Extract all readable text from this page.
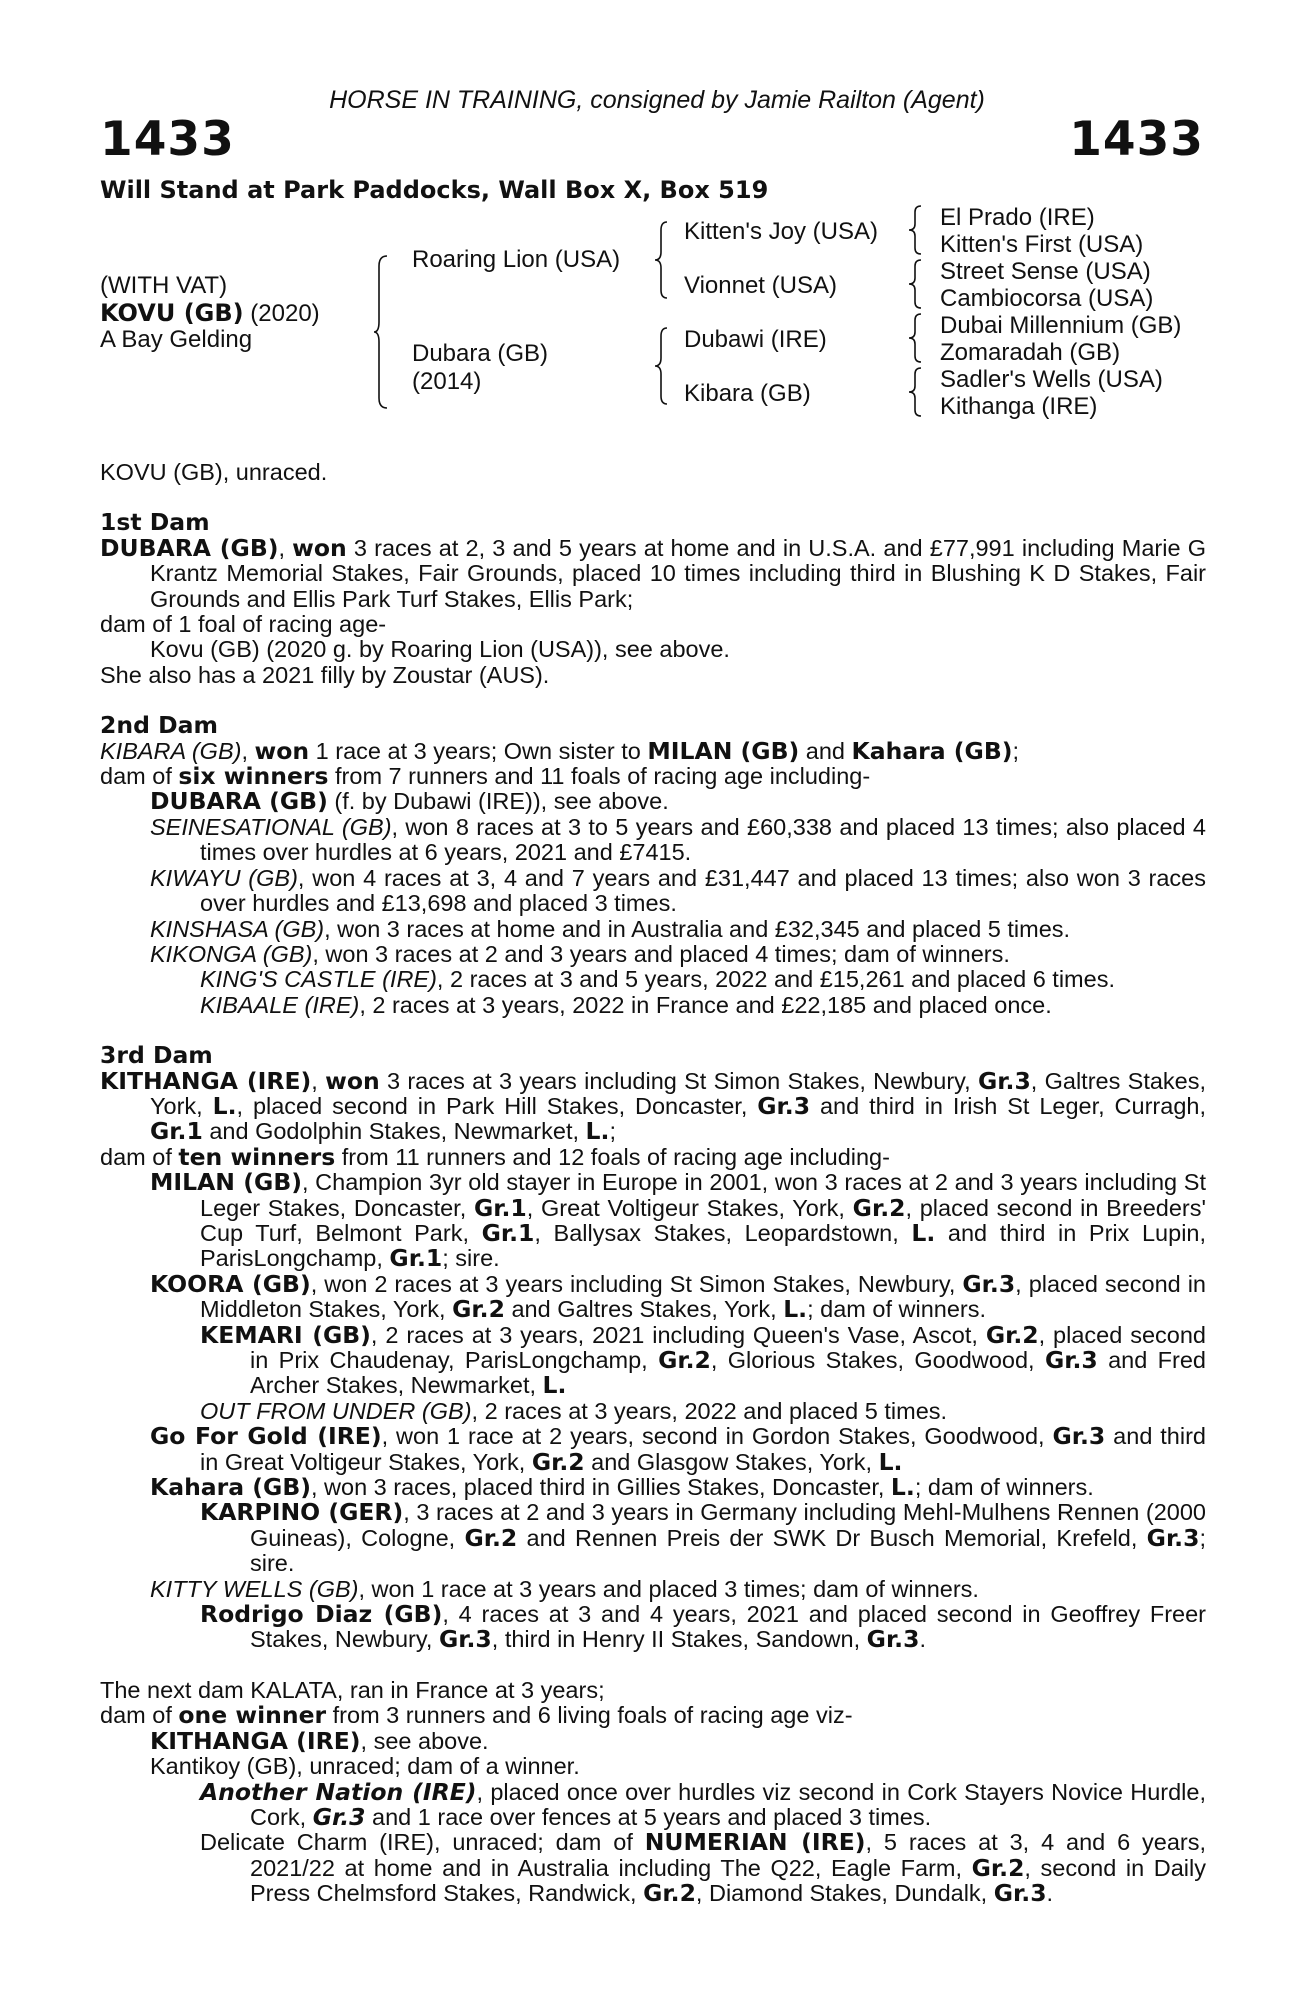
HORSE IN TRAINING, consigned by Jamie Railton (Agent)
1433	1433
Will Stand at Park Paddocks, Wall Box X, Box 519
(WITH VAT)
KOVU (GB) (2020)
A Bay Gelding
Roaring Lion (USA)
Dubara (GB)
(2014)
Kitten's Joy (USA)
Vionnet (USA)
Dubawi (IRE)
Kibara (GB)
El Prado (IRE)
Kitten's First (USA)
Street Sense (USA)
Cambiocorsa (USA)
Dubai Millennium (GB)
Zomaradah (GB)
Sadler's Wells (USA)
Kithanga (IRE)

KOVU (GB), unraced.

1st Dam

DUBARA (GB), won 3 races at 2, 3 and 5 years at home and in U.S.A. and £77,991 including Marie G Krantz Memorial Stakes, Fair Grounds, placed 10 times including third in Blushing K D Stakes, Fair Grounds and Ellis Park Turf Stakes, Ellis Park;

dam of 1 foal of racing age-

Kovu (GB) (2020 g. by Roaring Lion (USA)), see above.

She also has a 2021 filly by Zoustar (AUS).

2nd Dam

KIBARA (GB), won 1 race at 3 years; Own sister to MILAN (GB) and Kahara (GB);

dam of six winners from 7 runners and 11 foals of racing age including-

DUBARA (GB) (f. by Dubawi (IRE)), see above.

SEINESATIONAL (GB), won 8 races at 3 to 5 years and £60,338 and placed 13 times; also placed 4 times over hurdles at 6 years, 2021 and £7415.

KIWAYU (GB), won 4 races at 3, 4 and 7 years and £31,447 and placed 13 times; also won 3 races over hurdles and £13,698 and placed 3 times.

KINSHASA (GB), won 3 races at home and in Australia and £32,345 and placed 5 times.

KIKONGA (GB), won 3 races at 2 and 3 years and placed 4 times; dam of winners.

KING'S CASTLE (IRE), 2 races at 3 and 5 years, 2022 and £15,261 and placed 6 times.

KIBAALE (IRE), 2 races at 3 years, 2022 in France and £22,185 and placed once.

3rd Dam

KITHANGA (IRE), won 3 races at 3 years including St Simon Stakes, Newbury, Gr.3, Galtres Stakes, York, L., placed second in Park Hill Stakes, Doncaster, Gr.3 and third in Irish St Leger, Curragh, Gr.1 and Godolphin Stakes, Newmarket, L.;

dam of ten winners from 11 runners and 12 foals of racing age including-

MILAN (GB), Champion 3yr old stayer in Europe in 2001, won 3 races at 2 and 3 years including St Leger Stakes, Doncaster, Gr.1, Great Voltigeur Stakes, York, Gr.2, placed second in Breeders' Cup Turf, Belmont Park, Gr.1, Ballysax Stakes, Leopardstown, L. and third in Prix Lupin, ParisLongchamp, Gr.1; sire.

KOORA (GB), won 2 races at 3 years including St Simon Stakes, Newbury, Gr.3, placed second in Middleton Stakes, York, Gr.2 and Galtres Stakes, York, L.; dam of winners.

KEMARI (GB), 2 races at 3 years, 2021 including Queen's Vase, Ascot, Gr.2, placed second in Prix Chaudenay, ParisLongchamp, Gr.2, Glorious Stakes, Goodwood, Gr.3 and Fred Archer Stakes, Newmarket, L.

OUT FROM UNDER (GB), 2 races at 3 years, 2022 and placed 5 times.

Go For Gold (IRE), won 1 race at 2 years, second in Gordon Stakes, Goodwood, Gr.3 and third in Great Voltigeur Stakes, York, Gr.2 and Glasgow Stakes, York, L.

Kahara (GB), won 3 races, placed third in Gillies Stakes, Doncaster, L.; dam of winners.

KARPINO (GER), 3 races at 2 and 3 years in Germany including Mehl-Mulhens Rennen (2000 Guineas), Cologne, Gr.2 and Rennen Preis der SWK Dr Busch Memorial, Krefeld, Gr.3; sire.

KITTY WELLS (GB), won 1 race at 3 years and placed 3 times; dam of winners.

Rodrigo Diaz (GB), 4 races at 3 and 4 years, 2021 and placed second in Geoffrey Freer Stakes, Newbury, Gr.3, third in Henry II Stakes, Sandown, Gr.3.

The next dam KALATA, ran in France at 3 years;

dam of one winner from 3 runners and 6 living foals of racing age viz-

KITHANGA (IRE), see above.

Kantikoy (GB), unraced; dam of a winner.

Another Nation (IRE), placed once over hurdles viz second in Cork Stayers Novice Hurdle, Cork, Gr.3 and 1 race over fences at 5 years and placed 3 times.

Delicate Charm (IRE), unraced; dam of NUMERIAN (IRE), 5 races at 3, 4 and 6 years, 2021/22 at home and in Australia including The Q22, Eagle Farm, Gr.2, second in Daily Press Chelmsford Stakes, Randwick, Gr.2, Diamond Stakes, Dundalk, Gr.3.
